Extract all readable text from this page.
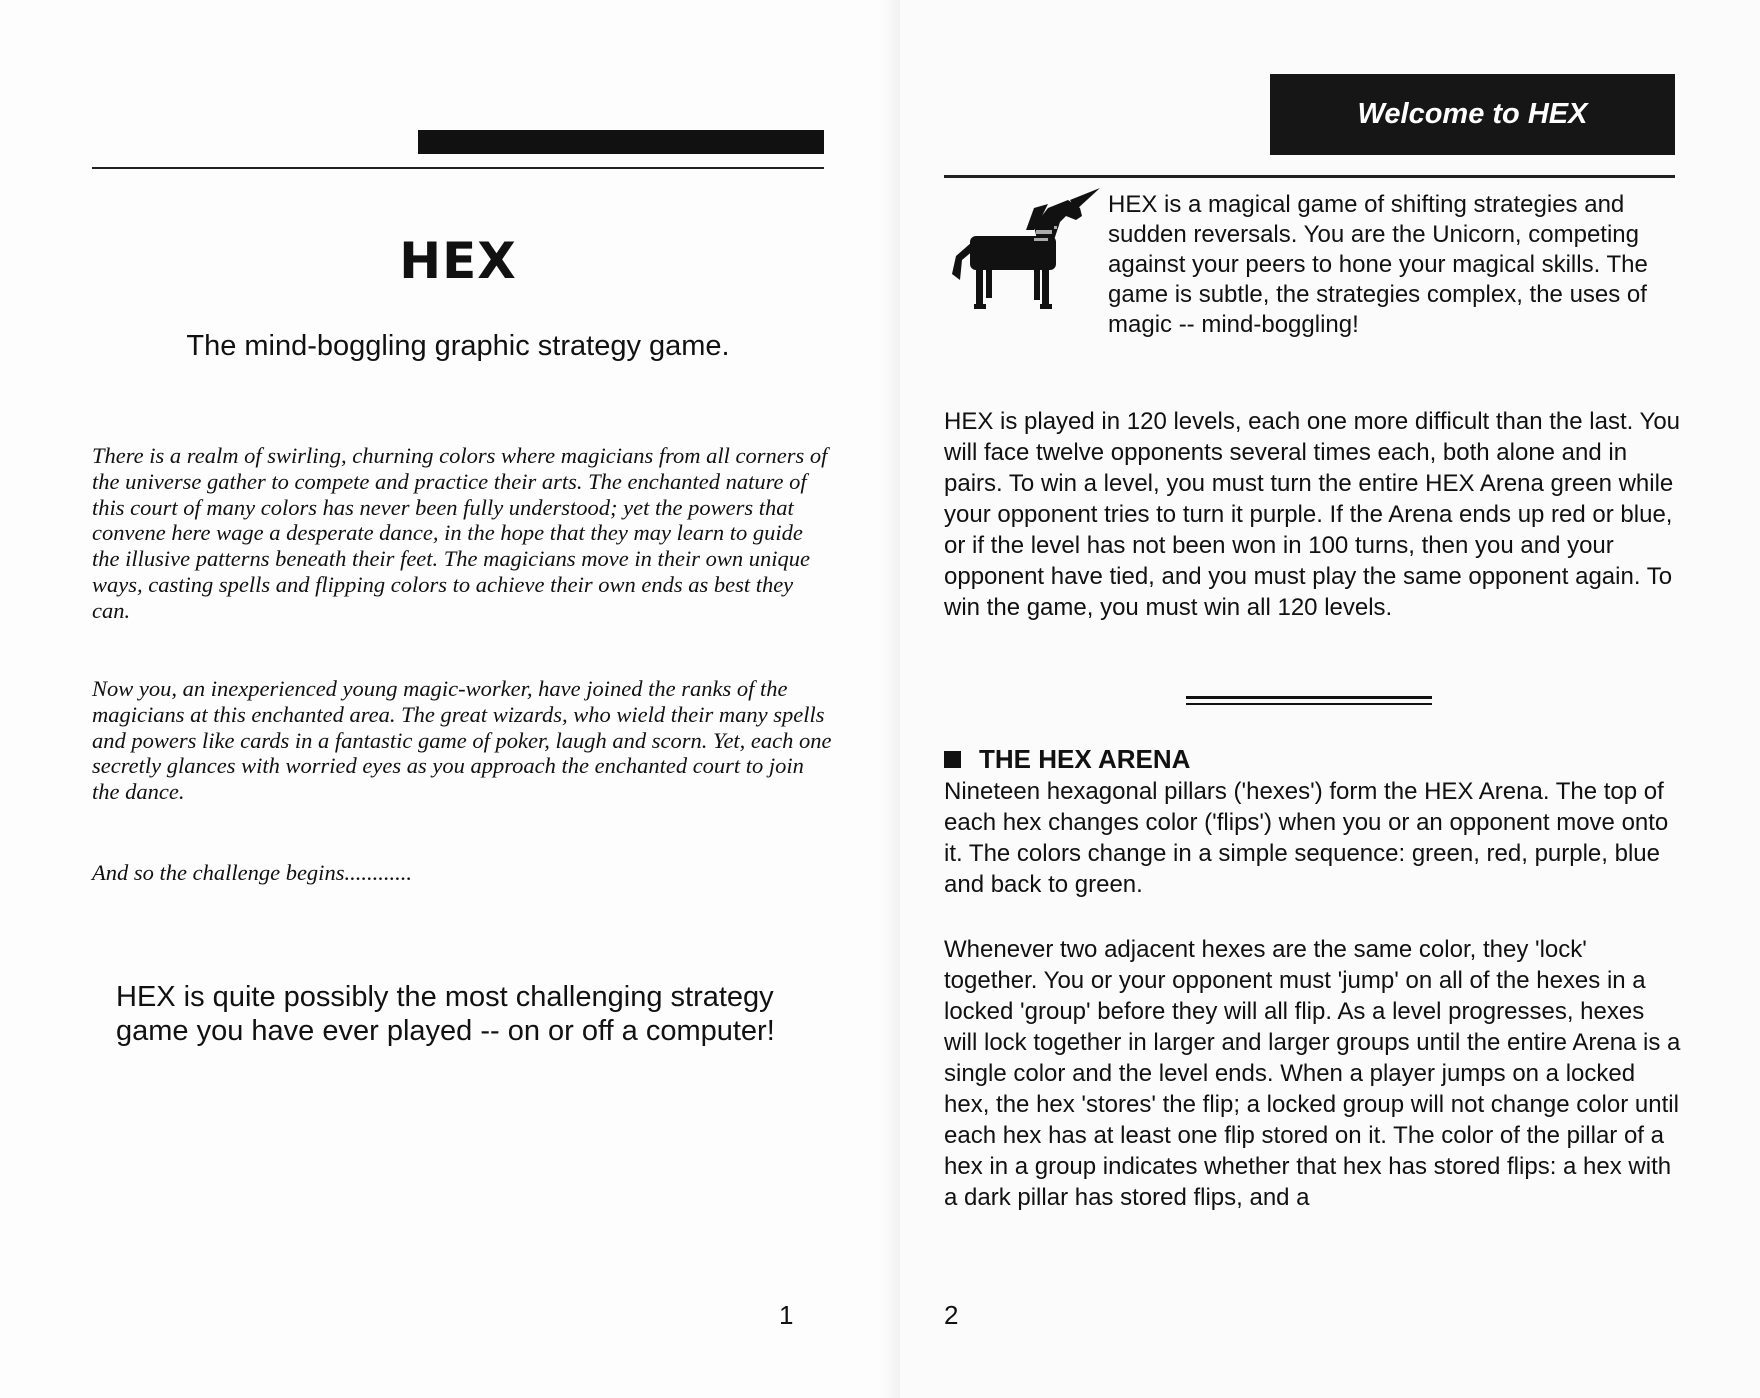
HEX
The mind-boggling graphic strategy game.
There is a realm of swirling, churning colors where magicians from all corners of the universe gather to compete and practice their arts. The enchanted nature of this court of many colors has never been fully understood; yet the powers that convene here wage a desperate dance, in the hope that they may learn to guide the illusive patterns beneath their feet. The magicians move in their own unique ways, casting spells and flipping colors to achieve their own ends as best they can.
Now you, an inexperienced young magic-worker, have joined the ranks of the magicians at this enchanted area. The great wizards, who wield their many spells and powers like cards in a fantastic game of poker, laugh and scorn. Yet, each one secretly glances with worried eyes as you approach the enchanted court to join the dance.
And so the challenge begins............
HEX is quite possibly the most challenging strategy game you have ever played -- on or off a computer!
1
Welcome to HEX
HEX is a magical game of shifting strategies and sudden reversals. You are the Unicorn, competing against your peers to hone your magical skills. The game is subtle, the strategies complex, the uses of magic -- mind-boggling!
HEX is played in 120 levels, each one more difficult than the last. You will face twelve opponents several times each, both alone and in pairs. To win a level, you must turn the entire HEX Arena green while your opponent tries to turn it purple. If the Arena ends up red or blue, or if the level has not been won in 100 turns, then you and your opponent have tied, and you must play the same opponent again. To win the game, you must win all 120 levels.
THE HEX ARENA
Nineteen hexagonal pillars ('hexes') form the HEX Arena. The top of each hex changes color ('flips') when you or an opponent move onto it. The colors change in a simple sequence: green, red, purple, blue and back to green.
Whenever two adjacent hexes are the same color, they 'lock' together. You or your opponent must 'jump' on all of the hexes in a locked 'group' before they will all flip. As a level progresses, hexes will lock together in larger and larger groups until the entire Arena is a single color and the level ends. When a player jumps on a locked hex, the hex 'stores' the flip; a locked group will not change color until each hex has at least one flip stored on it. The color of the pillar of a hex in a group indicates whether that hex has stored flips: a hex with a dark pillar has stored flips, and a
2
